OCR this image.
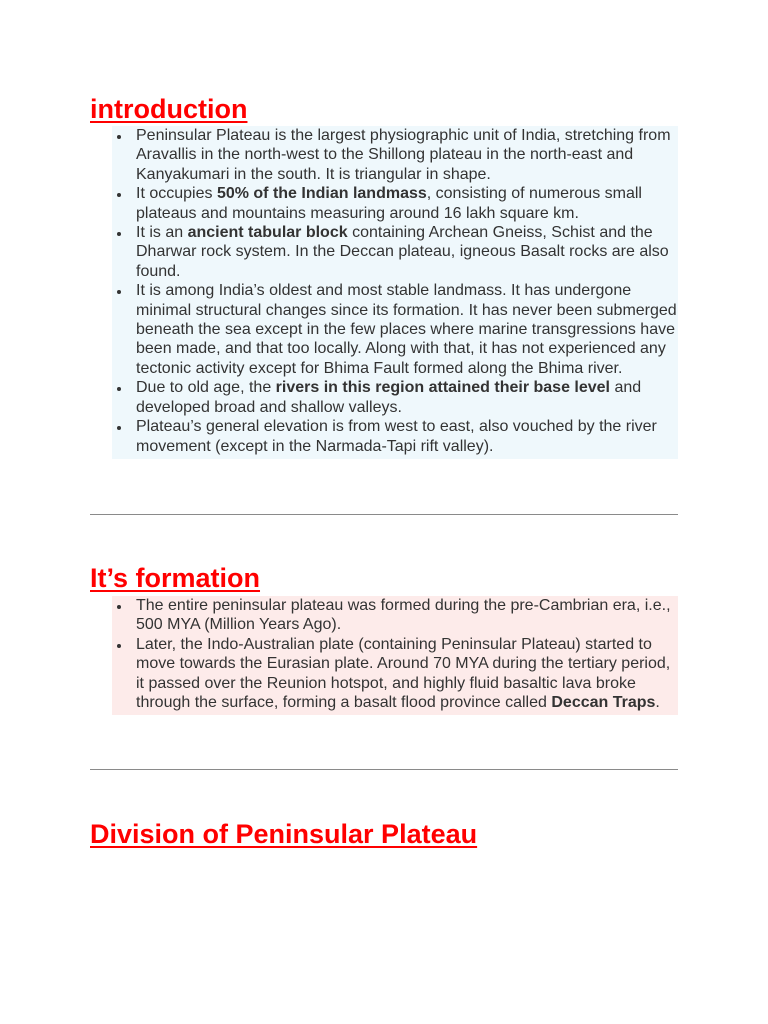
introduction
Peninsular Plateau is the largest physiographic unit of India, stretching from Aravallis in the north-west to the Shillong plateau in the north-east and Kanyakumari in the south. It is triangular in shape.
It occupies 50% of the Indian landmass, consisting of numerous small plateaus and mountains measuring around 16 lakh square km.
It is an ancient tabular block containing Archean Gneiss, Schist and the Dharwar rock system. In the Deccan plateau, igneous Basalt rocks are also found.
It is among India’s oldest and most stable landmass. It has undergone minimal structural changes since its formation. It has never been submerged beneath the sea except in the few places where marine transgressions have been made, and that too locally. Along with that, it has not experienced any tectonic activity except for Bhima Fault formed along the Bhima river.
Due to old age, the rivers in this region attained their base level and developed broad and shallow valleys.
Plateau’s general elevation is from west to east, also vouched by the river movement (except in the Narmada-Tapi rift valley).
It’s formation
The entire peninsular plateau was formed during the pre-Cambrian era, i.e., 500 MYA (Million Years Ago).
Later, the Indo-Australian plate (containing Peninsular Plateau) started to move towards the Eurasian plate. Around 70 MYA during the tertiary period, it passed over the Reunion hotspot, and highly fluid basaltic lava broke through the surface, forming a basalt flood province called Deccan Traps.
Division of Peninsular Plateau
